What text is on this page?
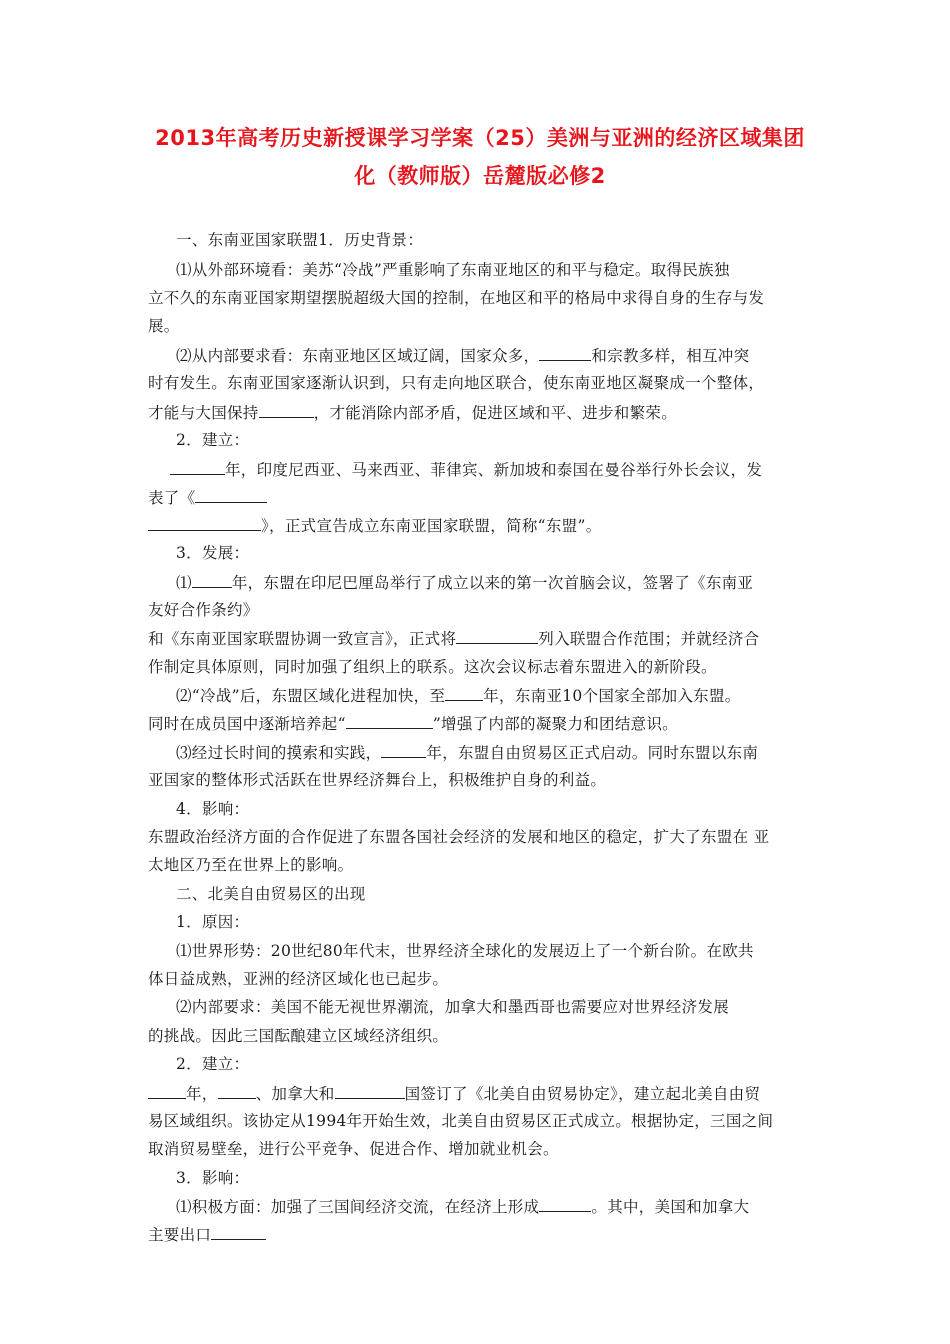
2013年高考历史新授课学习学案（25）美洲与亚洲的经济区域集团
化（教师版）岳麓版必修2
一、东南亚国家联盟1．历史背景：
⑴从外部环境看：美苏“冷战”严重影响了东南亚地区的和平与稳定。取得民族独
立不久的东南亚国家期望摆脱超级大国的控制，在地区和平的格局中求得自身的生存与发
展。
⑵从内部要求看：东南亚地区区域辽阔，国家众多，	和宗教多样，相互冲突
时有发生。东南亚国家逐渐认识到，只有走向地区联合，使东南亚地区凝聚成一个整体，
才能与大国保持	，才能消除内部矛盾，促进区域和平、进步和繁荣。
2．建立：
年，印度尼西亚、马来西亚、菲律宾、新加坡和泰国在曼谷举行外长会议，发
表了《
》，正式宣告成立东南亚国家联盟，简称“东盟”。
3．发展：
⑴	年，东盟在印尼巴厘岛举行了成立以来的第一次首脑会议，签署了《东南亚
友好合作条约》
和《东南亚国家联盟协调一致宣言》，正式将	列入联盟合作范围；并就经济合
作制定具体原则，同时加强了组织上的联系。这次会议标志着东盟进入的新阶段。
⑵“冷战”后，东盟区域化进程加快，至 年，东南亚10个国家全部加入东盟。
同时在成员国中逐渐培养起“	”增强了内部的凝聚力和团结意识。
⑶经过长时间的摸索和实践，	年，东盟自由贸易区正式启动。同时东盟以东南
亚国家的整体形式活跃在世界经济舞台上，积极维护自身的利益。
4．影响：
东盟政治经济方面的合作促进了东盟各国社会经济的发展和地区的稳定，扩大了东盟在 亚
太地区乃至在世界上的影响。
二、北美自由贸易区的出现
1．原因：
⑴世界形势：20世纪80年代末，世界经济全球化的发展迈上了一个新台阶。在欧共
体日益成熟，亚洲的经济区域化也已起步。
⑵内部要求：美国不能无视世界潮流，加拿大和墨西哥也需要应对世界经济发展
的挑战。因此三国酝酿建立区域经济组织。
2．建立：
年， 、加拿大和	国签订了《北美自由贸易协定》，建立起北美自由贸
易区域组织。该协定从1994年开始生效，北美自由贸易区正式成立。根据协定，三国之间
取消贸易壁垒，进行公平竞争、促进合作、增加就业机会。
3．影响：
⑴积极方面：加强了三国间经济交流，在经济上形成	。其中，美国和加拿大
主要出口
